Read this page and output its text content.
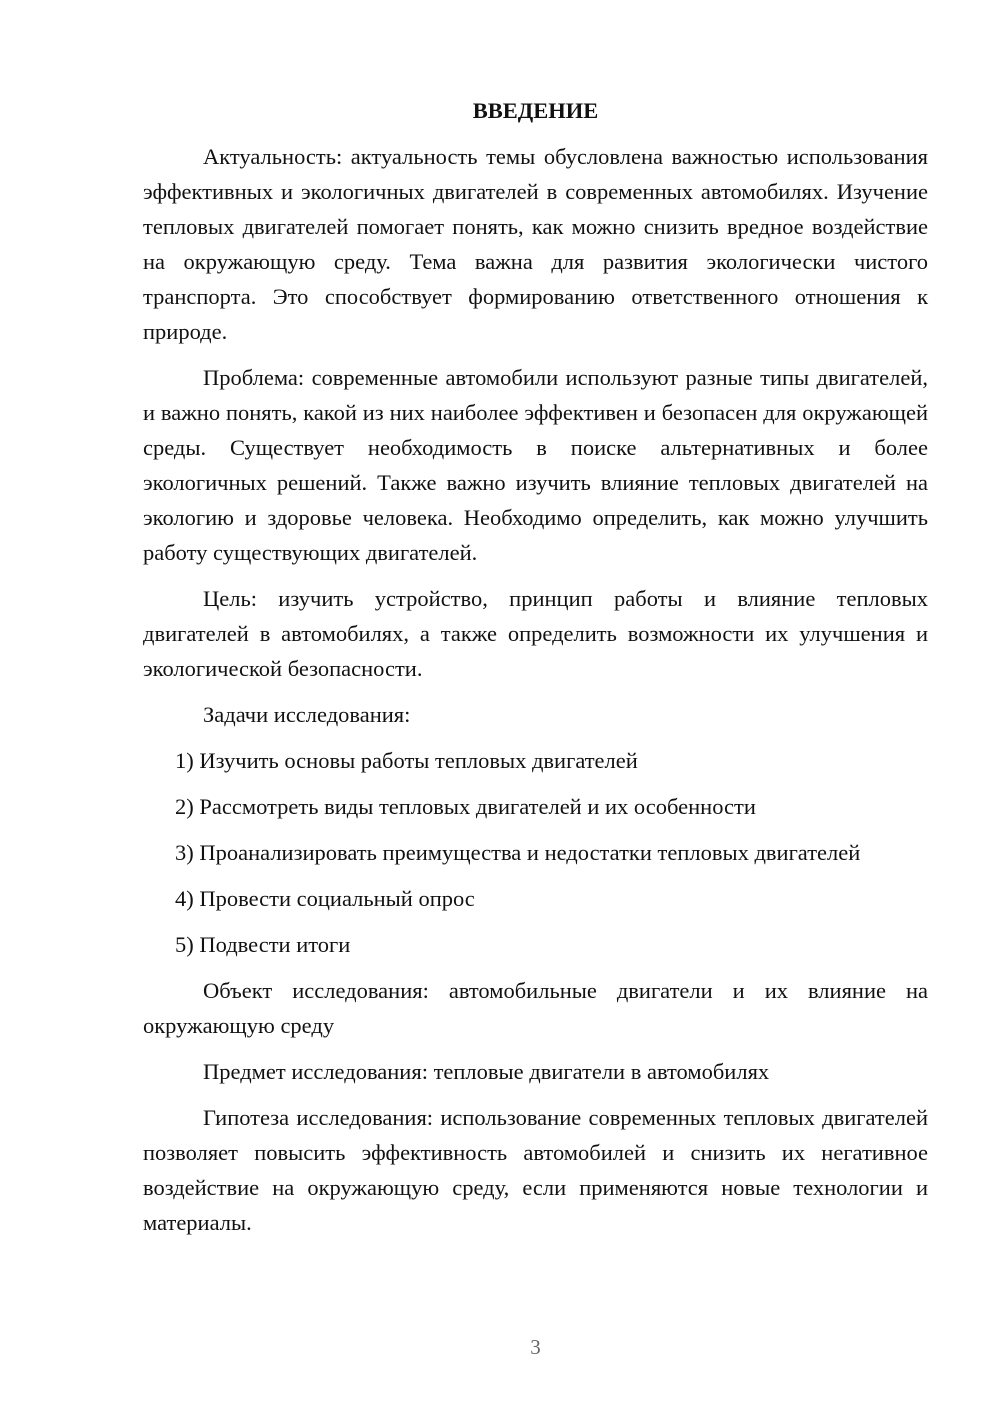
ВВЕДЕНИЕ

Актуальность: актуальность темы обусловлена важностью использования эффективных и экологичных двигателей в современных автомобилях. Изучение тепловых двигателей помогает понять, как можно снизить вредное воздействие на окружающую среду. Тема важна для развития экологически чистого транспорта. Это способствует формированию ответственного отношения к природе.

Проблема: современные автомобили используют разные типы двигателей, и важно понять, какой из них наиболее эффективен и безопасен для окружающей среды. Существует необходимость в поиске альтернативных и более экологичных решений. Также важно изучить влияние тепловых двигателей на экологию и здоровье человека. Необходимо определить, как можно улучшить работу существующих двигателей.

Цель: изучить устройство, принцип работы и влияние тепловых двигателей в автомобилях, а также определить возможности их улучшения и экологической безопасности.

Задачи исследования:

1) Изучить основы работы тепловых двигателей

2) Рассмотреть виды тепловых двигателей и их особенности

3) Проанализировать преимущества и недостатки тепловых двигателей

4) Провести социальный опрос

5) Подвести итоги

Объект исследования: автомобильные двигатели и их влияние на окружающую среду

Предмет исследования: тепловые двигатели в автомобилях

Гипотеза исследования: использование современных тепловых двигателей позволяет повысить эффективность автомобилей и снизить их негативное воздействие на окружающую среду, если применяются новые технологии и материалы.

3
